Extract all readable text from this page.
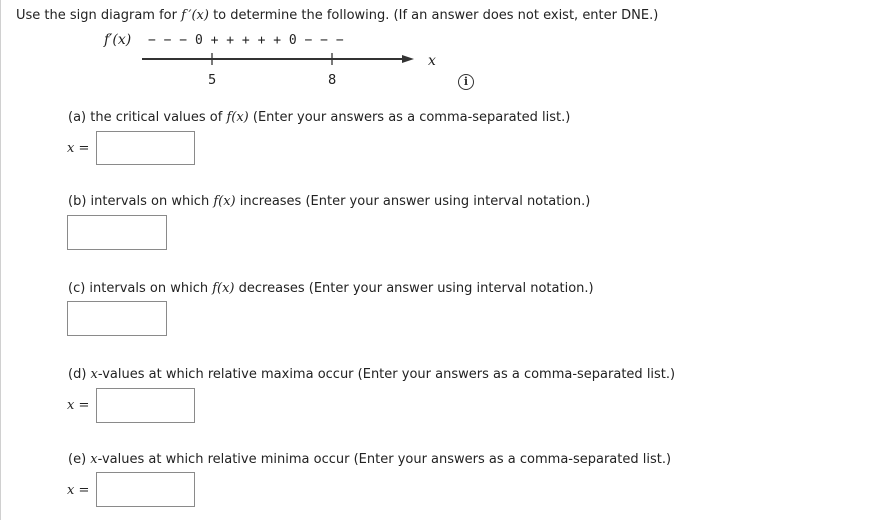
Use the sign diagram for f ′(x) to determine the following. (If an answer does not exist, enter DNE.)
f′(x) − − − 0 + + + + + 0 − − −
5	8
x
i
(a) the critical values of f(x) (Enter your answers as a comma-separated list.)
x =
(b) intervals on which f(x) increases (Enter your answer using interval notation.)
(c) intervals on which f(x) decreases (Enter your answer using interval notation.)
(d) x-values at which relative maxima occur (Enter your answers as a comma-separated list.)
x =
(e) x-values at which relative minima occur (Enter your answers as a comma-separated list.)
x =
